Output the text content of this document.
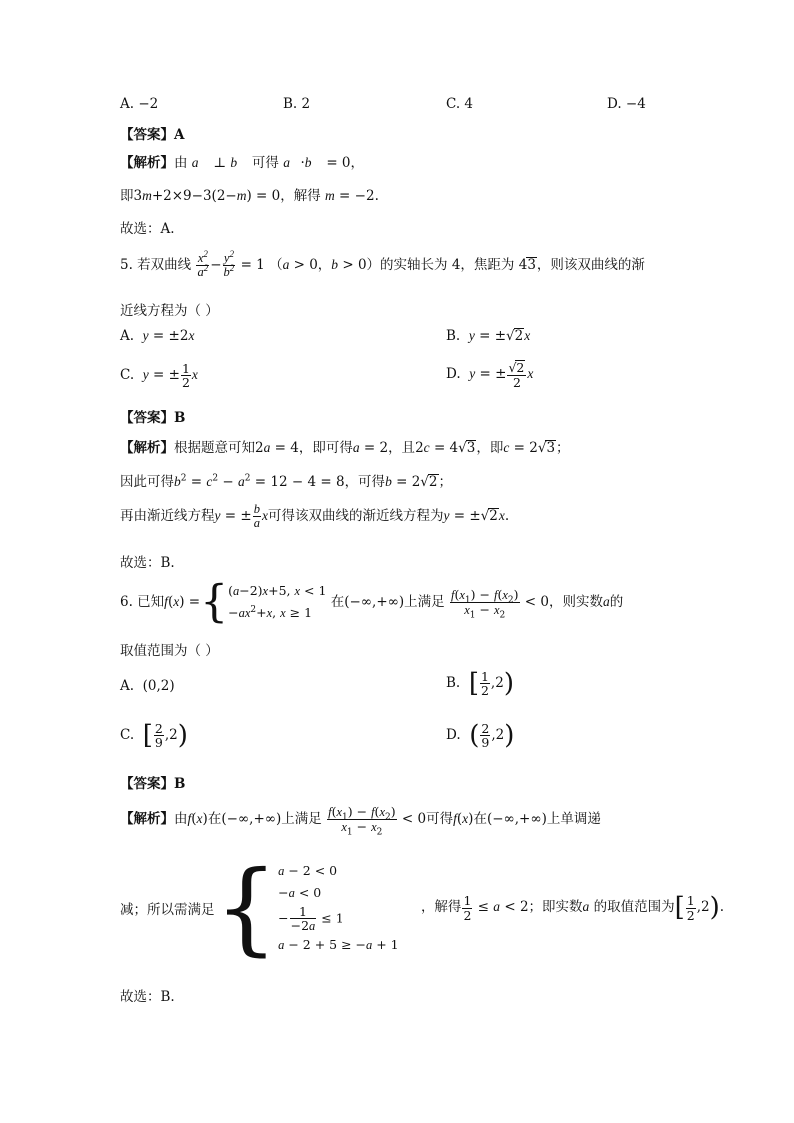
A. −2	B. 2	C. 4	D. −4
【答案】A
【解析】由 a⃗ ⊥ b⃗ 可得 a⃗·b⃗ = 0，
即3m+2×9−3(2−m) = 0，解得 m = −2.
故选：A.
5. 若双曲线 $\frac{x^2}{a^2} - \frac{y^2}{b^2} = 1$ （a > 0，b > 0）的实轴长为 4，焦距为 43，则该双曲线的渐
近线方程为（ ）
A. y = ±2x	B. y = ±√2x
C. y = ± $\frac{1}{2}$ x	D. y = ± $\frac{√2}{2}$ x
【答案】B
【解析】根据题意可知2a = 4，即可得a = 2，且2c = 4√3，即c = 2√3；
因此可得$b^2 = c^2 - a^2 = 12 - 4 = 8$，可得b = 2√2；
再由渐近线方程y = ± $\frac{b}{a}$ x可得该双曲线的渐近线方程为y = ±√2x.
故选：B.
6. 已知f(x) ={ (a−2)x+5, x < 1
$-ax^2+x$, x ≥ 1
在(−∞,+∞)上满足 $\frac{f(x_1) - f(x_2)}{x_1 - x_2} < 0$，则实数a的
取值范围为（ ）
A.  (0,2)	B. [ $\frac{1}{2} ,2$)
C. [ $\frac{2}{9} ,2$)	D. ( $\frac{2}{9} ,2$)
【答案】B
【解析】由f(x)在(−∞,+∞)上满足 $\frac{f(x_1) - f(x_2)}{x_1 - x_2} < 0$可得f(x)在(−∞,+∞)上单调递
减；所以需满足{ a − 2 < 0
−a < 0
− $\frac{1}{-2a} \le 1$
a − 2 + 5 ≥ −a + 1
，解得 $\frac{1}{2} \le a < 2$；即实数a 的取值范围为[ $\frac{1}{2} ,2$).
故选：B.
